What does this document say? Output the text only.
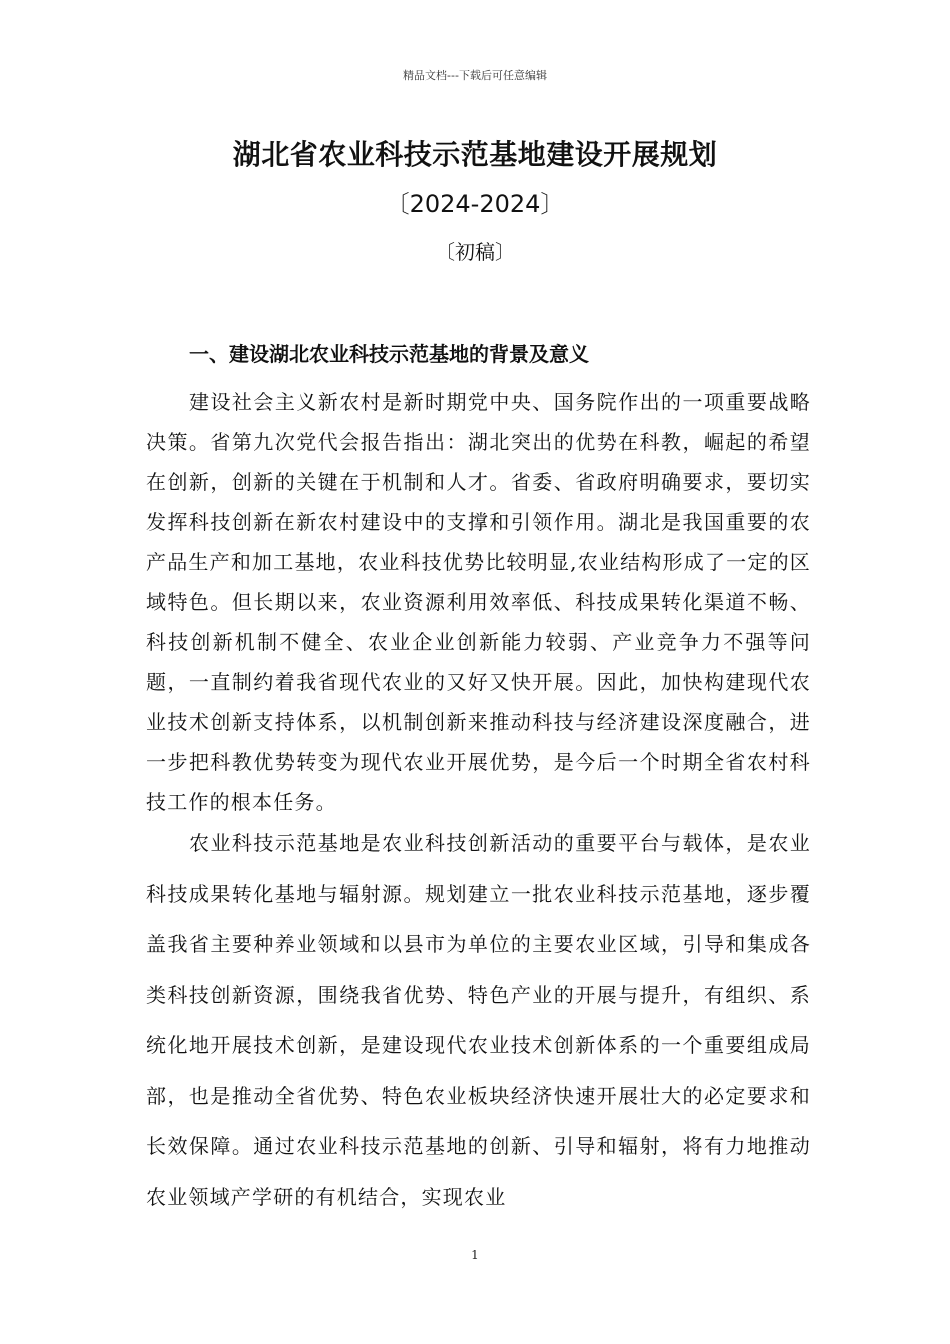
精品文档---下载后可任意编辑
湖北省农业科技示范基地建设开展规划
〔2024-2024〕
〔初稿〕
一、建设湖北农业科技示范基地的背景及意义

建设社会主义新农村是新时期党中央、国务院作出的一项重要战略决策。省第九次党代会报告指出：湖北突出的优势在科教，崛起的希望在创新，创新的关键在于机制和人才。省委、省政府明确要求，要切实发挥科技创新在新农村建设中的支撑和引领作用。湖北是我国重要的农产品生产和加工基地，农业科技优势比较明显,农业结构形成了一定的区域特色。但长期以来，农业资源利用效率低、科技成果转化渠道不畅、科技创新机制不健全、农业企业创新能力较弱、产业竞争力不强等问题，一直制约着我省现代农业的又好又快开展。因此，加快构建现代农业技术创新支持体系，以机制创新来推动科技与经济建设深度融合，进一步把科教优势转变为现代农业开展优势，是今后一个时期全省农村科技工作的根本任务。

农业科技示范基地是农业科技创新活动的重要平台与载体，是农业科技成果转化基地与辐射源。规划建立一批农业科技示范基地，逐步覆盖我省主要种养业领域和以县市为单位的主要农业区域，引导和集成各类科技创新资源，围绕我省优势、特色产业的开展与提升，有组织、系统化地开展技术创新，是建设现代农业技术创新体系的一个重要组成局部，也是推动全省优势、特色农业板块经济快速开展壮大的必定要求和长效保障。通过农业科技示范基地的创新、引导和辐射，将有力地推动农业领域产学研的有机结合，实现农业

1
